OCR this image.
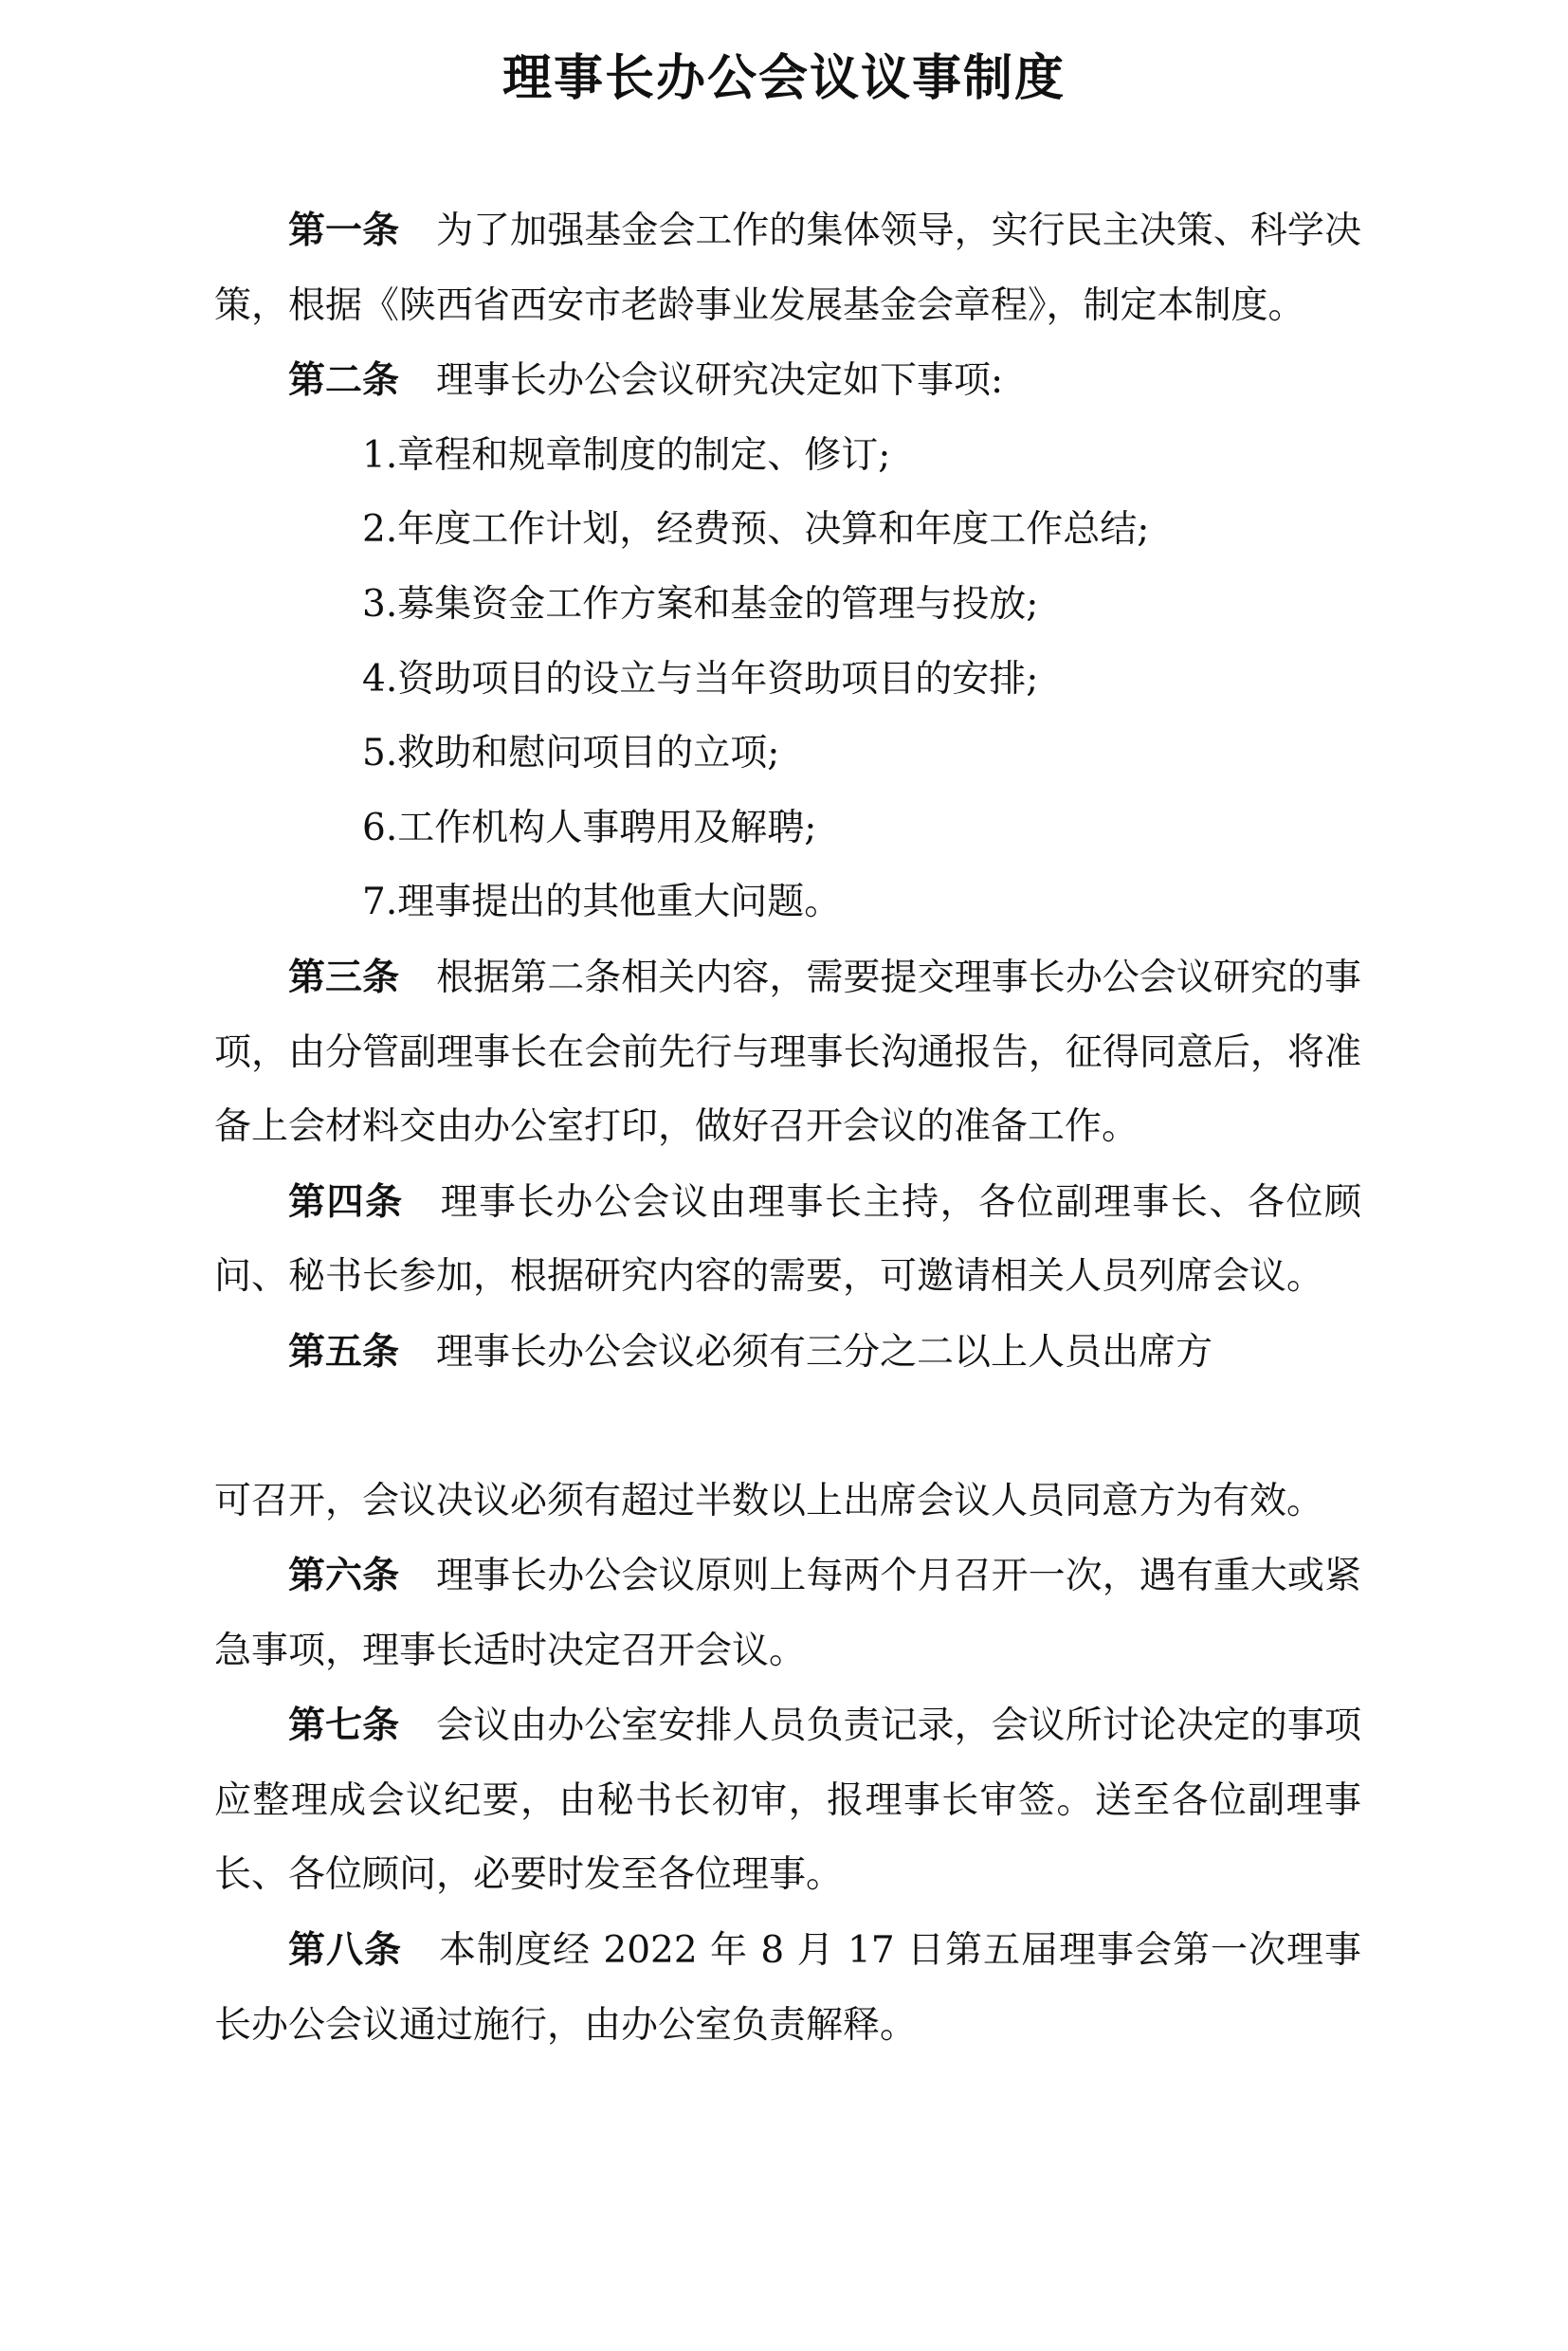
理事长办公会议议事制度

第一条 为了加强基金会工作的集体领导，实行民主决策、科学决策，根据《陕西省西安市老龄事业发展基金会章程》，制定本制度。

第二条 理事长办公会议研究决定如下事项:

1.章程和规章制度的制定、修订;

2.年度工作计划，经费预、决算和年度工作总结;

3.募集资金工作方案和基金的管理与投放;

4.资助项目的设立与当年资助项目的安排;

5.救助和慰问项目的立项;

6.工作机构人事聘用及解聘;

7.理事提出的其他重大问题。

第三条 根据第二条相关内容，需要提交理事长办公会议研究的事项，由分管副理事长在会前先行与理事长沟通报告，征得同意后，将准备上会材料交由办公室打印，做好召开会议的准备工作。

第四条 理事长办公会议由理事长主持，各位副理事长、各位顾问、秘书长参加，根据研究内容的需要，可邀请相关人员列席会议。

第五条 理事长办公会议必须有三分之二以上人员出席方

可召开，会议决议必须有超过半数以上出席会议人员同意方为有效。

第六条 理事长办公会议原则上每两个月召开一次，遇有重大或紧急事项，理事长适时决定召开会议。

第七条 会议由办公室安排人员负责记录，会议所讨论决定的事项应整理成会议纪要，由秘书长初审，报理事长审签。送至各位副理事长、各位顾问，必要时发至各位理事。

第八条 本制度经 2022 年 8 月 17 日第五届理事会第一次理事长办公会议通过施行，由办公室负责解释。
